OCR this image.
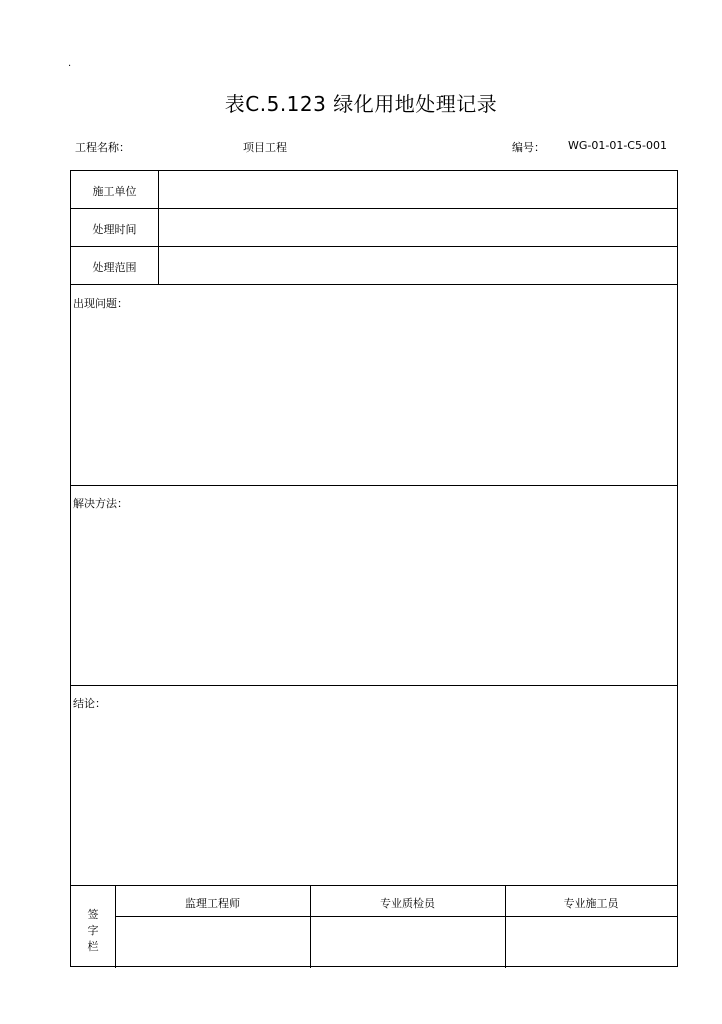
·
表C.5.123 绿化用地处理记录
工程名称：	项目工程	编号： WG-01-01-C5-001
施工单位
处理时间
处理范围
出现问题：
解决方法：
结论：
签
字
栏
监理工程师	专业质检员	专业施工员
